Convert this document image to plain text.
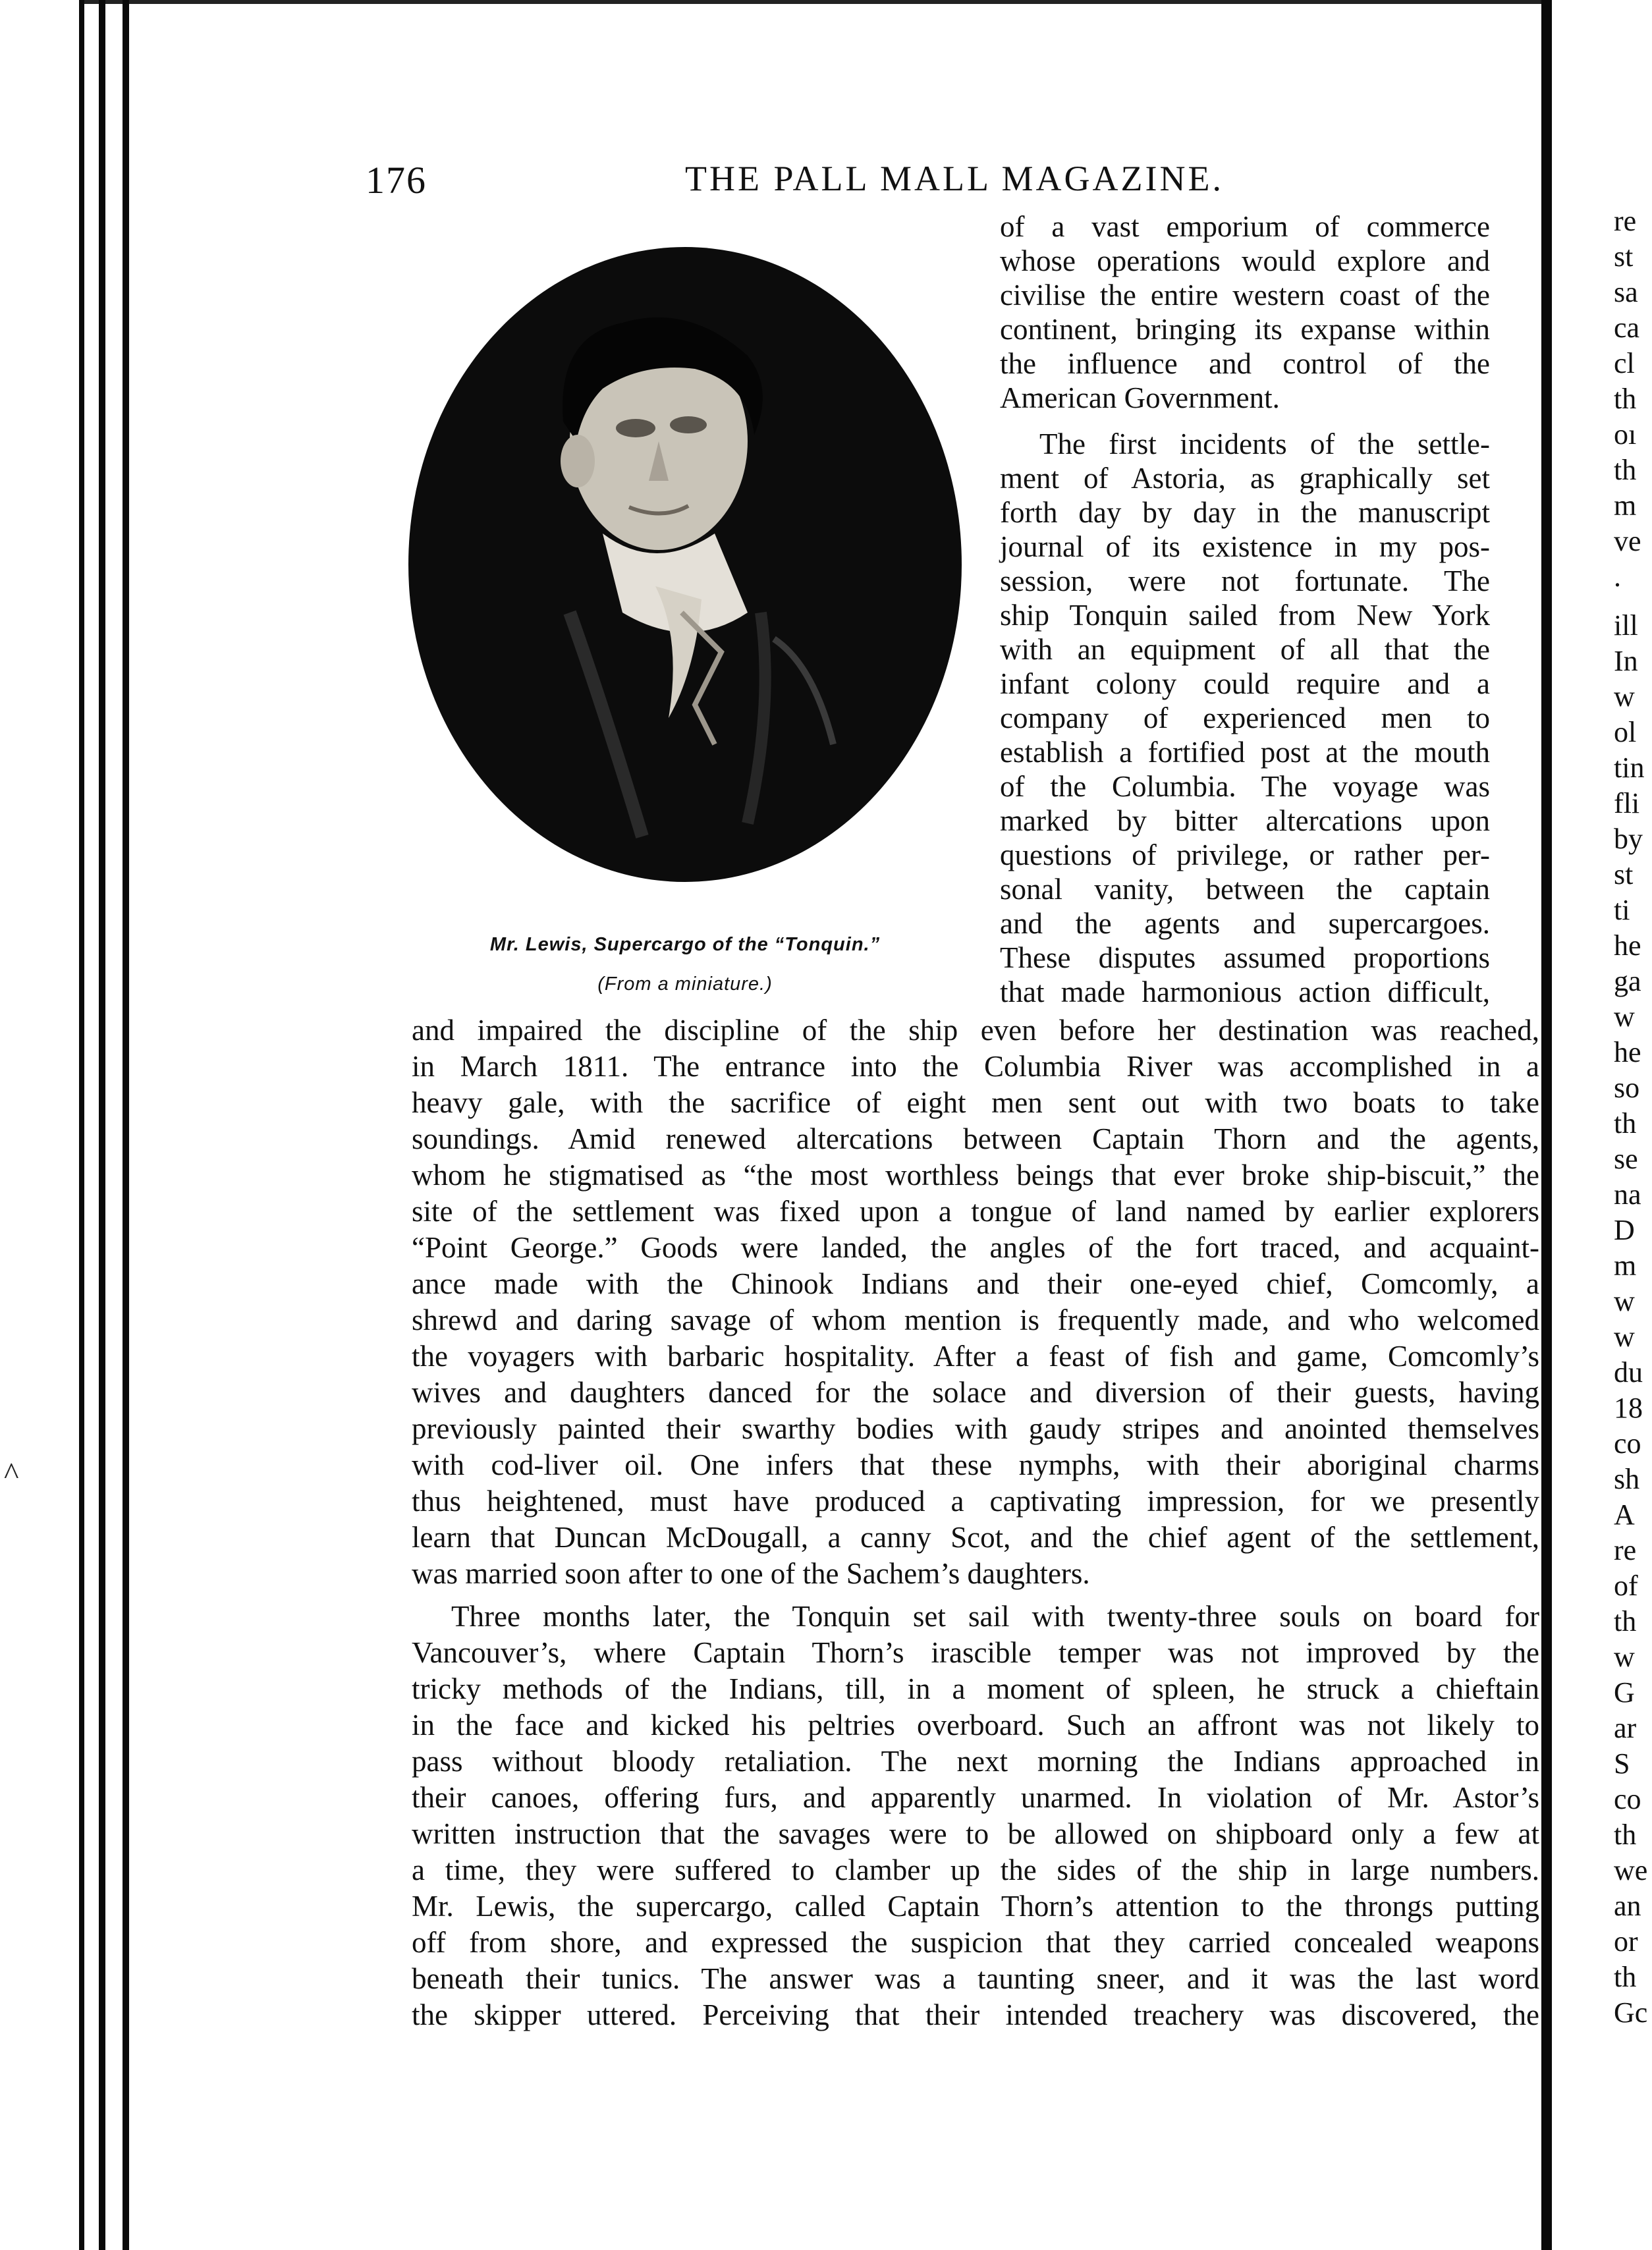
^
176	THE PALL MALL MAGAZINE.
Mr. Lewis, Supercargo of the “Tonquin.”
(From a miniature.)
of a vast emporium of commerce
whose operations would explore and
civilise the entire western coast of the
continent, bringing its expanse within
the influence and control of the
American Government.
The first incidents of the settle-
ment of Astoria, as graphically set
forth day by day in the manuscript
journal of its existence in my pos-
session, were not fortunate. The
ship Tonquin sailed from New York
with an equipment of all that the
infant colony could require and a
company of experienced men to
establish a fortified post at the mouth
of the Columbia. The voyage was
marked by bitter altercations upon
questions of privilege, or rather per-
sonal vanity, between the captain
and the agents and supercargoes.
These disputes assumed proportions
that made harmonious action difficult,
and impaired the discipline of the ship even before her destination was reached,
in March 1811. The entrance into the Columbia River was accomplished in a
heavy gale, with the sacrifice of eight men sent out with two boats to take
soundings. Amid renewed altercations between Captain Thorn and the agents,
whom he stigmatised as “the most worthless beings that ever broke ship-biscuit,” the
site of the settlement was fixed upon a tongue of land named by earlier explorers
“Point George.” Goods were landed, the angles of the fort traced, and acquaint-
ance made with the Chinook Indians and their one-eyed chief, Comcomly, a
shrewd and daring savage of whom mention is frequently made, and who welcomed
the voyagers with barbaric hospitality. After a feast of fish and game, Comcomly’s
wives and daughters danced for the solace and diversion of their guests, having
previously painted their swarthy bodies with gaudy stripes and anointed themselves
with cod-liver oil. One infers that these nymphs, with their aboriginal charms
thus heightened, must have produced a captivating impression, for we presently
learn that Duncan McDougall, a canny Scot, and the chief agent of the settlement,
was married soon after to one of the Sachem’s daughters.
Three months later, the Tonquin set sail with twenty-three souls on board for
Vancouver’s, where Captain Thorn’s irascible temper was not improved by the
tricky methods of the Indians, till, in a moment of spleen, he struck a chieftain
in the face and kicked his peltries overboard. Such an affront was not likely to
pass without bloody retaliation. The next morning the Indians approached in
their canoes, offering furs, and apparently unarmed. In violation of Mr. Astor’s
written instruction that the savages were to be allowed on shipboard only a few at
a time, they were suffered to clamber up the sides of the ship in large numbers.
Mr. Lewis, the supercargo, called Captain Thorn’s attention to the throngs putting
off from shore, and expressed the suspicion that they carried concealed weapons
beneath their tunics. The answer was a taunting sneer, and it was the last word
the skipper uttered. Perceiving that their intended treachery was discovered, the
re
st
sa
ca
cl
th
oı
th
m
ve
.
ill
In
w
ol
tin
fli
by
st
ti
he
ga
w
he
so
th
se
na
D
m
w
w
du
18
co
sh
A
re
of
th
w
G
ar
S
co
th
we
an
or
th
Gc
